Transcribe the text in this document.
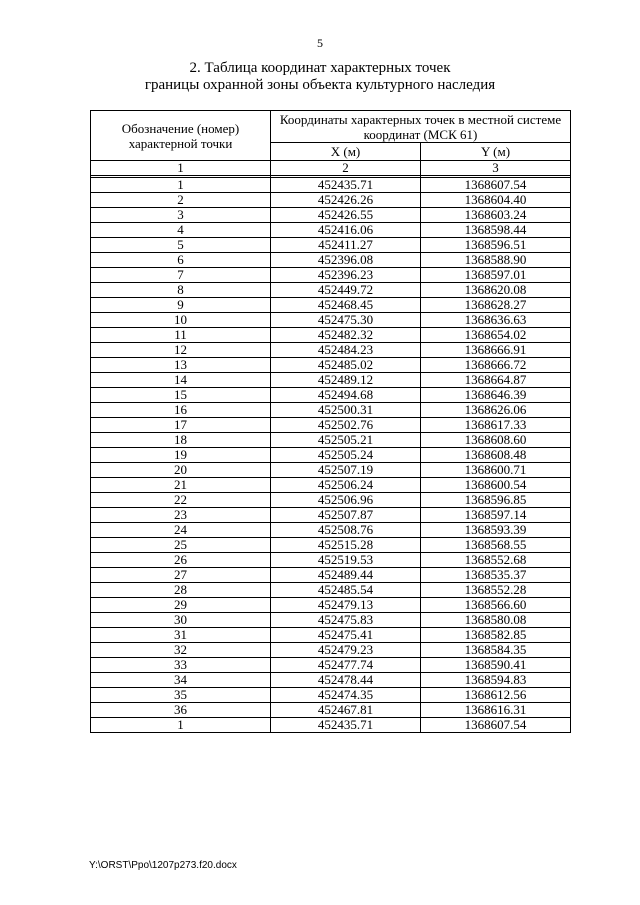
5
2. Таблица координат характерных точек
границы охранной зоны объекта культурного наследия
Обозначение (номер) характерной точки	Координаты характерных точек в местной системе координат (МСК 61)	
	X (м)	Y (м)
1	2	3

1	452435.71	1368607.54
2	452426.26	1368604.40
3	452426.55	1368603.24
4	452416.06	1368598.44
5	452411.27	1368596.51
6	452396.08	1368588.90
7	452396.23	1368597.01
8	452449.72	1368620.08
9	452468.45	1368628.27
10	452475.30	1368636.63
11	452482.32	1368654.02
12	452484.23	1368666.91
13	452485.02	1368666.72
14	452489.12	1368664.87
15	452494.68	1368646.39
16	452500.31	1368626.06
17	452502.76	1368617.33
18	452505.21	1368608.60
19	452505.24	1368608.48
20	452507.19	1368600.71
21	452506.24	1368600.54
22	452506.96	1368596.85
23	452507.87	1368597.14
24	452508.76	1368593.39
25	452515.28	1368568.55
26	452519.53	1368552.68
27	452489.44	1368535.37
28	452485.54	1368552.28
29	452479.13	1368566.60
30	452475.83	1368580.08
31	452475.41	1368582.85
32	452479.23	1368584.35
33	452477.74	1368590.41
34	452478.44	1368594.83
35	452474.35	1368612.56
36	452467.81	1368616.31
1	452435.71	1368607.54
Y:\ORST\Ppo\1207p273.f20.docx
